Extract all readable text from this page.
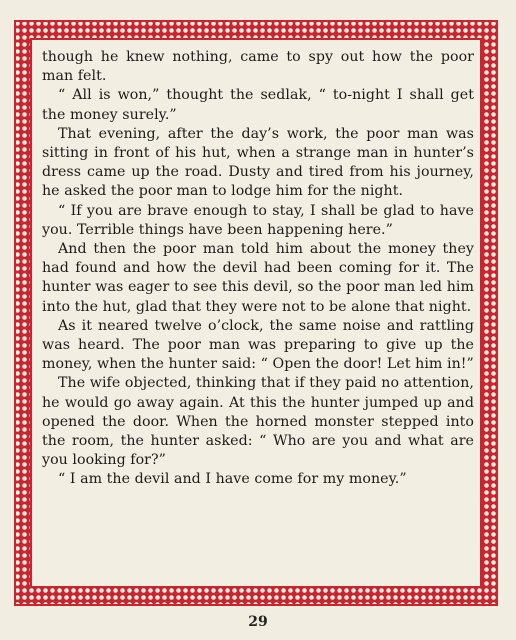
though he knew nothing, came to spy out how the poor man felt.

“ All is won,” thought the sedlak, “ to-night I shall get the money surely.”

That evening, after the day’s work, the poor man was sitting in front of his hut, when a strange man in hunter’s dress came up the road. Dusty and tired from his journey, he asked the poor man to lodge him for the night.

“ If you are brave enough to stay, I shall be glad to have you. Terrible things have been happening here.”

And then the poor man told him about the money they had found and how the devil had been coming for it. The hunter was eager to see this devil, so the poor man led him into the hut, glad that they were not to be alone that night.

As it neared twelve o’clock, the same noise and rattling was heard. The poor man was preparing to give up the money, when the hunter said: “ Open the door! Let him in!”

The wife objected, thinking that if they paid no attention, he would go away again. At this the hunter jumped up and opened the door. When the horned monster stepped into the room, the hunter asked: “ Who are you and what are you looking for?”

“ I am the devil and I have come for my money.”

29
